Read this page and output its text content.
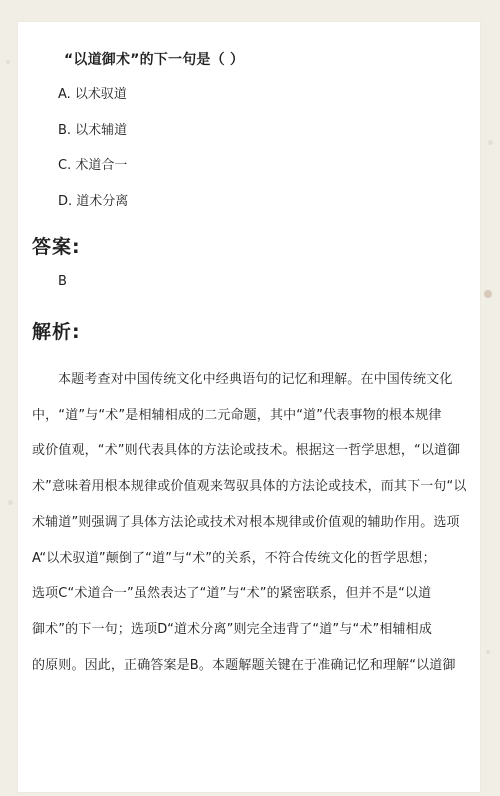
“以道御术”的下一句是（ ）
A. 以术驭道
B. 以术辅道
C. 术道合一
D. 道术分离
答案:
B
解析:
本题考查对中国传统文化中经典语句的记忆和理解。在中国传统文化
中，“道”与“术”是相辅相成的二元命题，其中“道”代表事物的根本规律
或价值观，“术”则代表具体的方法论或技术。根据这一哲学思想，“以道御
术”意味着用根本规律或价值观来驾驭具体的方法论或技术，而其下一句“以
术辅道”则强调了具体方法论或技术对根本规律或价值观的辅助作用。选项
A“以术驭道”颠倒了“道”与“术”的关系，不符合传统文化的哲学思想；
选项C“术道合一”虽然表达了“道”与“术”的紧密联系，但并不是“以道
御术”的下一句；选项D“道术分离”则完全违背了“道”与“术”相辅相成
的原则。因此，正确答案是B。本题解题关键在于准确记忆和理解“以道御
